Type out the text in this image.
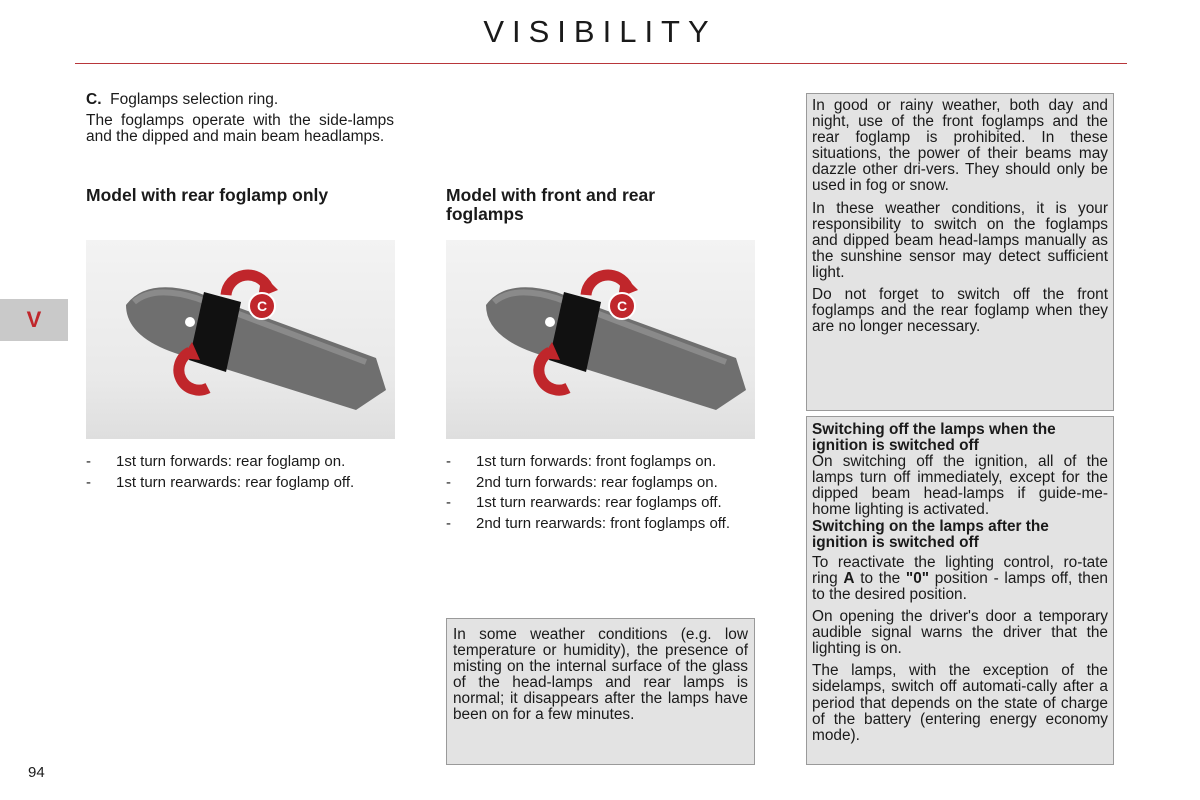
VISIBILITY
V

C. Foglamps selection ring.

The foglamps operate with the side-lamps and the dipped and main beam headlamps.

Model with rear foglamp only
C
-	1st turn forwards: rear foglamp on.
-	1st turn rearwards: rear foglamp off.
Model with front and rear foglamps
C
-	1st turn forwards: front foglamps on.
-	2nd turn forwards: rear foglamps on.
-	1st turn rearwards: rear foglamps off.
-	2nd turn rearwards: front foglamps off.

In some weather conditions (e.g. low temperature or humidity), the presence of misting on the internal surface of the glass of the head-lamps and rear lamps is normal; it disappears after the lamps have been on for a few minutes.

In good or rainy weather, both day and night, use of the front foglamps and the rear foglamp is prohibited. In these situations, the power of their beams may dazzle other dri-vers. They should only be used in fog or snow.

In these weather conditions, it is your responsibility to switch on the foglamps and dipped beam head-lamps manually as the sunshine sensor may detect sufficient light.

Do not forget to switch off the front foglamps and the rear foglamp when they are no longer necessary.

Switching off the lamps when the ignition is switched off

On switching off the ignition, all of the lamps turn off immediately, except for the dipped beam head-lamps if guide-me-home lighting is activated.

Switching on the lamps after the ignition is switched off

To reactivate the lighting control, ro-tate ring A to the "0" position - lamps off, then to the desired position.

On opening the driver's door a temporary audible signal warns the driver that the lighting is on.

The lamps, with the exception of the sidelamps, switch off automati-cally after a period that depends on the state of charge of the battery (entering energy economy mode).

94
